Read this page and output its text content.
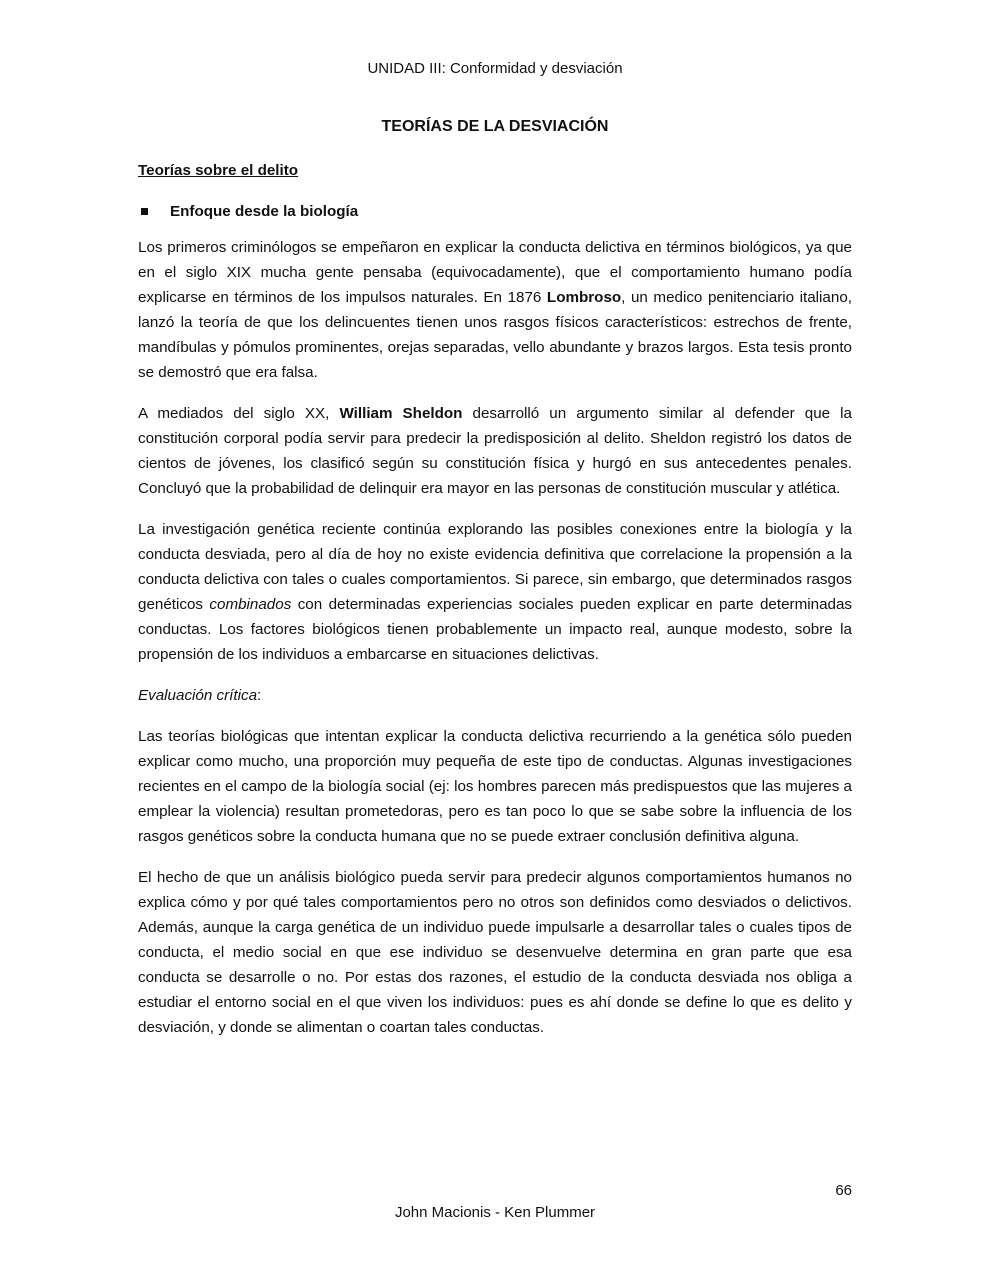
UNIDAD III: Conformidad y desviación
TEORÍAS DE LA DESVIACIÓN
Teorías sobre el delito
Enfoque desde la biología

Los primeros criminólogos se empeñaron en explicar la conducta delictiva en términos biológicos, ya que en el siglo XIX mucha gente pensaba (equivocadamente), que el comportamiento humano podía explicarse en términos de los impulsos naturales. En 1876 Lombroso, un medico penitenciario italiano, lanzó la teoría de que los delincuentes tienen unos rasgos físicos característicos: estrechos de frente, mandíbulas y pómulos prominentes, orejas separadas, vello abundante y brazos largos. Esta tesis pronto se demostró que era falsa.

A mediados del siglo XX, William Sheldon desarrolló un argumento similar al defender que la constitución corporal podía servir para predecir la predisposición al delito. Sheldon registró los datos de cientos de jóvenes, los clasificó según su constitución física y hurgó en sus antecedentes penales. Concluyó que la probabilidad de delinquir era mayor en las personas de constitución muscular y atlética.

La investigación genética reciente continúa explorando las posibles conexiones entre la biología y la conducta desviada, pero al día de hoy no existe evidencia definitiva que correlacione la propensión a la conducta delictiva con tales o cuales comportamientos. Si parece, sin embargo, que determinados rasgos genéticos combinados con determinadas experiencias sociales pueden explicar en parte determinadas conductas. Los factores biológicos tienen probablemente un impacto real, aunque modesto, sobre la propensión de los individuos a embarcarse en situaciones delictivas.

Evaluación crítica:

Las teorías biológicas que intentan explicar la conducta delictiva recurriendo a la genética sólo pueden explicar como mucho, una proporción muy pequeña de este tipo de conductas. Algunas investigaciones recientes en el campo de la biología social (ej: los hombres parecen más predispuestos que las mujeres a emplear la violencia) resultan prometedoras, pero es tan poco lo que se sabe sobre la influencia de los rasgos genéticos sobre la conducta humana que no se puede extraer conclusión definitiva alguna.

El hecho de que un análisis biológico pueda servir para predecir algunos comportamientos humanos no explica cómo y por qué tales comportamientos pero no otros son definidos como desviados o delictivos. Además, aunque la carga genética de un individuo puede impulsarle a desarrollar tales o cuales tipos de conducta, el medio social en que ese individuo se desenvuelve determina en gran parte que esa conducta se desarrolle o no. Por estas dos razones, el estudio de la conducta desviada nos obliga a estudiar el entorno social en el que viven los individuos: pues es ahí donde se define lo que es delito y desviación, y donde se alimentan o coartan tales conductas.

66
John Macionis - Ken Plummer
